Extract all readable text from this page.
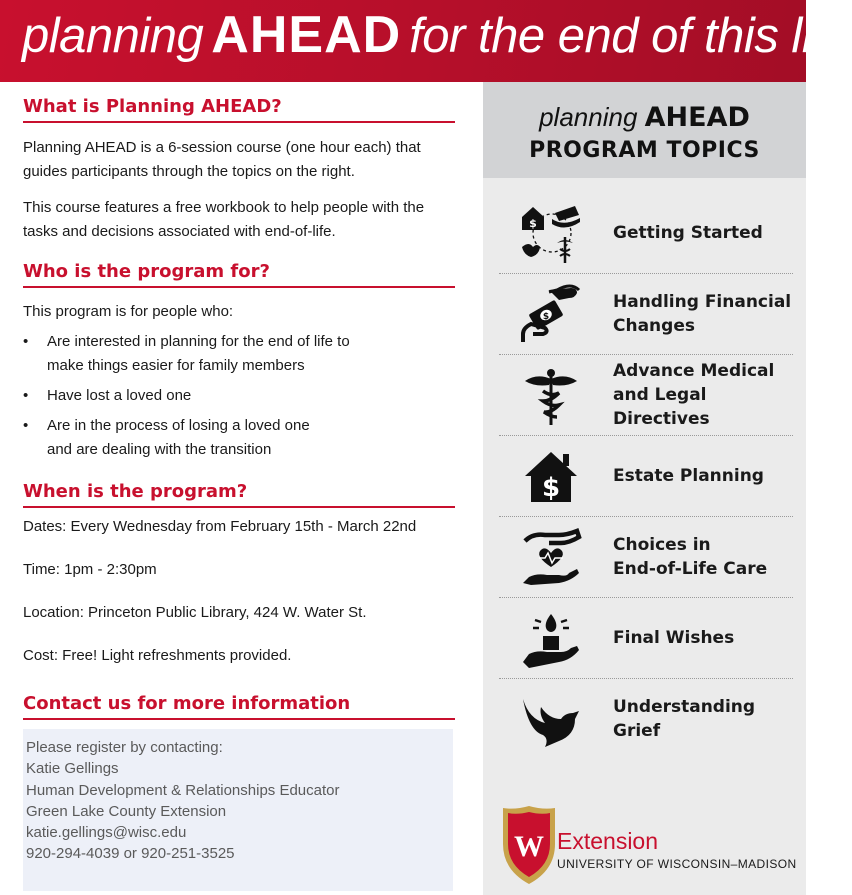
planning AHEAD for the end of this life
What is Planning AHEAD?

Planning AHEAD is a 6-session course (one hour each) that guides participants through the topics on the right.

This course features a free workbook to help people with the tasks and decisions associated with end-of-life.

Who is the program for?

This program is for people who:

• Are interested in planning for the end of life to
make things easier for family members
• Have lost a loved one
• Are in the process of losing a loved one
and are dealing with the transition
When is the program?
Dates: Every Wednesday from February 15th - March 22nd
Time: 1pm - 2:30pm
Location: Princeton Public Library, 424 W. Water St.
Cost: Free! Light refreshments provided.
Contact us for more information
Please register by contacting:
Katie Gellings
Human Development & Relationships Educator
Green Lake County Extension
katie.gellings@wisc.edu
920-294-4039 or 920-251-3525
planning AHEAD
PROGRAM TOPICS
$	Getting Started
$
Handling Financial
Changes
Advance Medical
and Legal Directives
$	Estate Planning
Choices in
End-of-Life Care
Final Wishes
Understanding Grief
W Extension
UNIVERSITY OF WISCONSIN–MADISON
